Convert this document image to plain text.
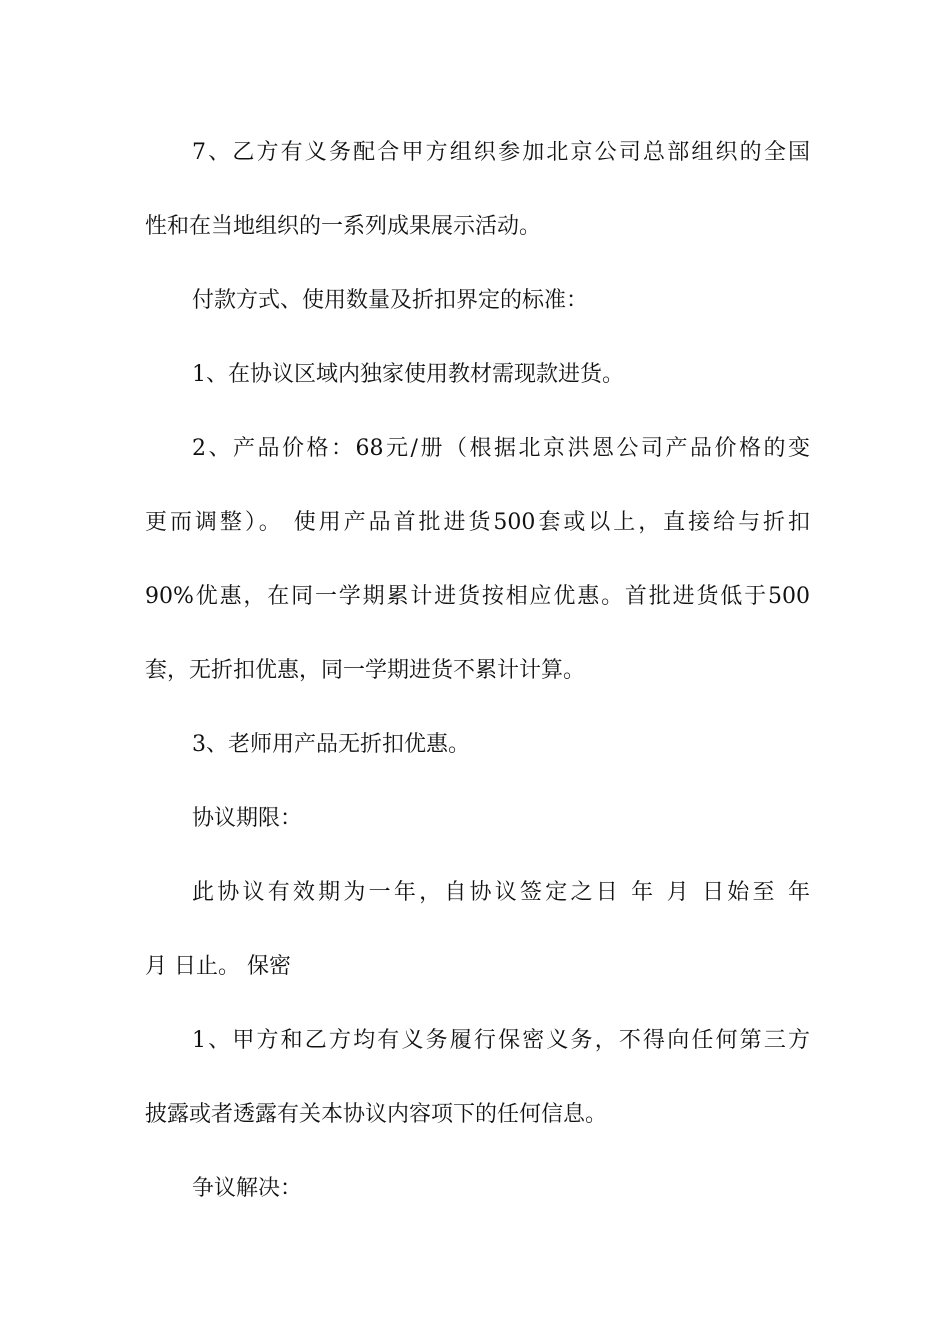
7、乙方有义务配合甲方组织参加北京公司总部组织的全国

性和在当地组织的一系列成果展示活动。

付款方式、使用数量及折扣界定的标准：

1、在协议区域内独家使用教材需现款进货。

2、产品价格：68元/册（根据北京洪恩公司产品价格的变

更而调整）。 使用产品首批进货500套或以上，直接给与折扣

90%优惠，在同一学期累计进货按相应优惠。首批进货低于500

套，无折扣优惠，同一学期进货不累计计算。

3、老师用产品无折扣优惠。

协议期限：

此协议有效期为一年，自协议签定之日 年 月 日始至 年

月 日止。 保密

1、甲方和乙方均有义务履行保密义务，不得向任何第三方

披露或者透露有关本协议内容项下的任何信息。

争议解决：
